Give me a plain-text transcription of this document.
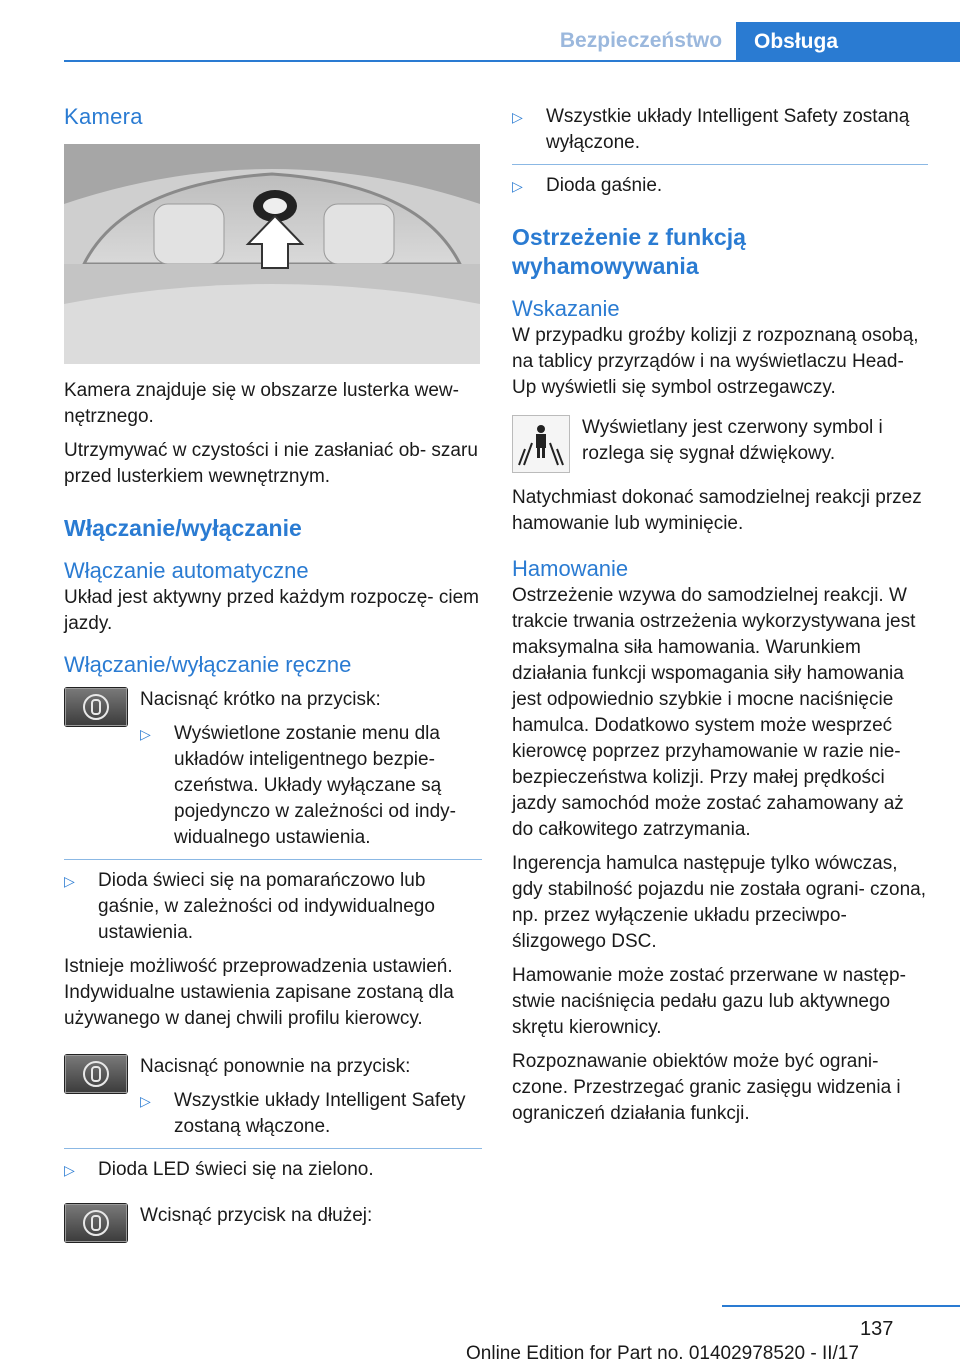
Bezpieczeństwo	Obsługa
Kamera

Kamera znajduje się w obszarze lusterka wew- nętrznego.

Utrzymywać w czystości i nie zasłaniać ob- szaru przed lusterkiem wewnętrznym.

Włączanie/wyłączanie
Włączanie automatyczne

Układ jest aktywny przed każdym rozpoczę- ciem jazdy.

Włączanie/wyłączanie ręczne

Nacisnąć krótko na przycisk:

▷	Wyświetlone zostanie menu dla układów inteligentnego bezpie- czeństwa. Układy wyłączane są pojedynczo w zależności od indy- widualnego ustawienia.
▷	Dioda świeci się na pomarańczowo lub gaśnie, w zależności od indywidualnego ustawienia.

Istnieje możliwość przeprowadzenia ustawień. Indywidualne ustawienia zapisane zostaną dla używanego w danej chwili profilu kierowcy.

Nacisnąć ponownie na przycisk:

▷	Wszystkie układy Intelligent Safety zostaną włączone.
▷	Dioda LED świeci się na zielono.

Wcisnąć przycisk na dłużej:

▷	Wszystkie układy Intelligent Safety zostaną wyłączone.
▷	Dioda gaśnie.
Ostrzeżenie z funkcją wyhamowywania
Wskazanie

W przypadku groźby kolizji z rozpoznaną osobą, na tablicy przyrządów i na wyświetlaczu Head-Up wyświetli się symbol ostrzegawczy.

Wyświetlany jest czerwony symbol i rozlega się sygnał dźwiękowy.

Natychmiast dokonać samodzielnej reakcji przez hamowanie lub wyminięcie.

Hamowanie

Ostrzeżenie wzywa do samodzielnej reakcji. W trakcie trwania ostrzeżenia wykorzystywana jest maksymalna siła hamowania. Warunkiem działania funkcji wspomagania siły hamowania jest odpowiednio szybkie i mocne naciśnięcie hamulca. Dodatkowo system może wesprzeć kierowcę poprzez przyhamowanie w razie nie- bezpieczeństwa kolizji. Przy małej prędkości jazdy samochód może zostać zahamowany aż do całkowitego zatrzymania.

Ingerencja hamulca następuje tylko wówczas, gdy stabilność pojazdu nie została ograni- czona, np. przez wyłączenie układu przeciwpo- ślizgowego DSC.

Hamowanie może zostać przerwane w następ- stwie naciśnięcia pedału gazu lub aktywnego skrętu kierownicy.

Rozpoznawanie obiektów może być ograni- czone. Przestrzegać granic zasięgu widzenia i ograniczeń działania funkcji.

137
Online Edition for Part no. 01402978520 - II/17
